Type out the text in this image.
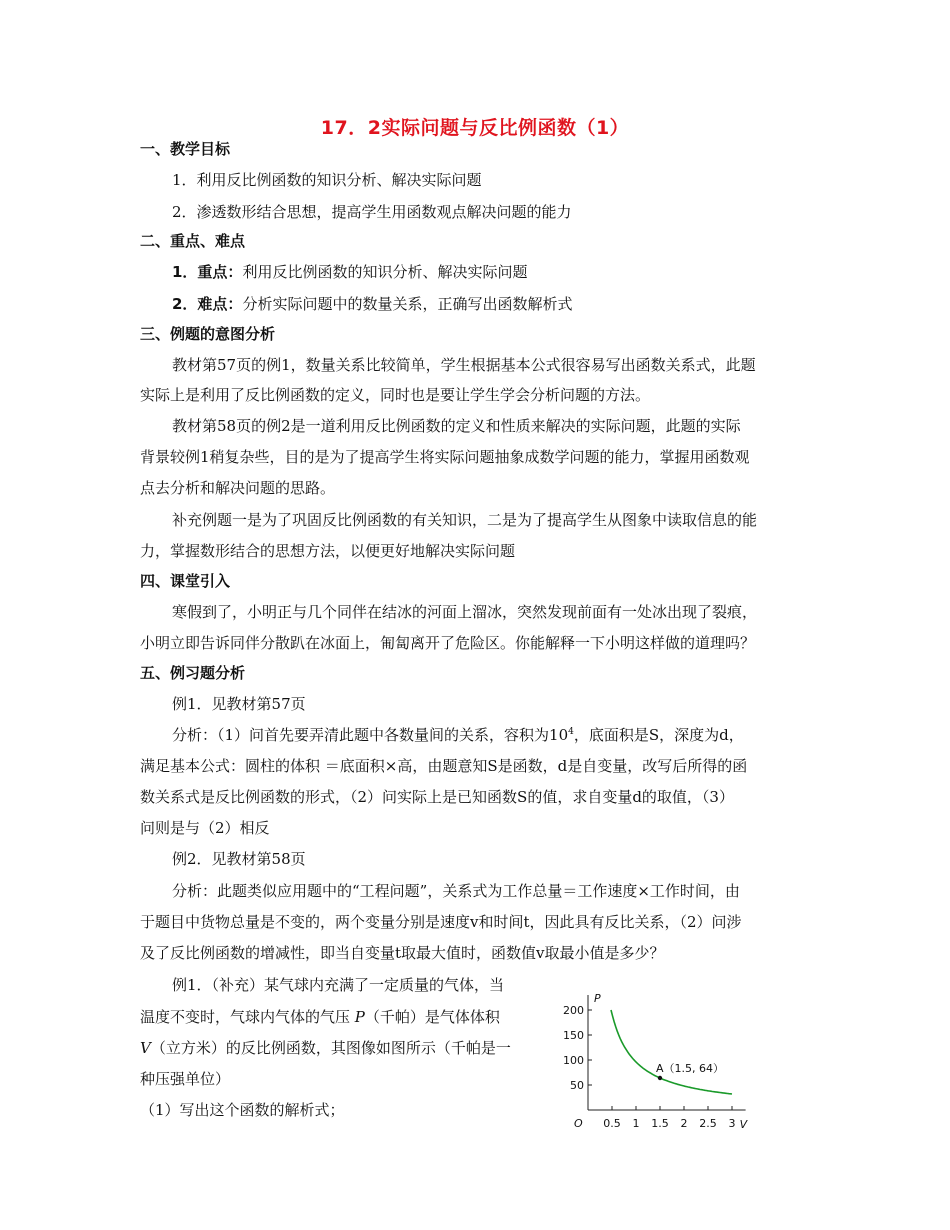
17．2实际问题与反比例函数（1）
一、教学目标
1．利用反比例函数的知识分析、解决实际问题
2．渗透数形结合思想，提高学生用函数观点解决问题的能力
二、重点、难点
1．重点：利用反比例函数的知识分析、解决实际问题
2．难点：分析实际问题中的数量关系，正确写出函数解析式
三、例题的意图分析
教材第57页的例1，数量关系比较简单，学生根据基本公式很容易写出函数关系式，此题
实际上是利用了反比例函数的定义，同时也是要让学生学会分析问题的方法。
教材第58页的例2是一道利用反比例函数的定义和性质来解决的实际问题，此题的实际
背景较例1稍复杂些，目的是为了提高学生将实际问题抽象成数学问题的能力，掌握用函数观
点去分析和解决问题的思路。
补充例题一是为了巩固反比例函数的有关知识，二是为了提高学生从图象中读取信息的能
力，掌握数形结合的思想方法，以便更好地解决实际问题
四、课堂引入
寒假到了，小明正与几个同伴在结冰的河面上溜冰，突然发现前面有一处冰出现了裂痕，
小明立即告诉同伴分散趴在冰面上，匍匐离开了危险区。你能解释一下小明这样做的道理吗？
五、例习题分析
例1．见教材第57页
分析：（1）问首先要弄清此题中各数量间的关系，容积为$10^4$，底面积是S，深度为d，
满足基本公式：圆柱的体积 ＝底面积×高，由题意知S是函数，d是自变量，改写后所得的函
数关系式是反比例函数的形式，（2）问实际上是已知函数S的值，求自变量d的取值，（3）
问则是与（2）相反
例2．见教材第58页
分析：此题类似应用题中的“工程问题”，关系式为工作总量＝工作速度×工作时间，由
于题目中货物总量是不变的，两个变量分别是速度v和时间t，因此具有反比关系，（2）问涉
及了反比例函数的增减性，即当自变量t取最大值时，函数值v取最小值是多少？
例1．（补充）某气球内充满了一定质量的气体，当
温度不变时，气球内气体的气压 P（千帕）是气体体积
V（立方米）的反比例函数，其图像如图所示（千帕是一
种压强单位）
（1）写出这个函数的解析式；
P
V
O 0.5 1 1.5 2 2.5 3
50
100
150
200
A（1.5, 64）
